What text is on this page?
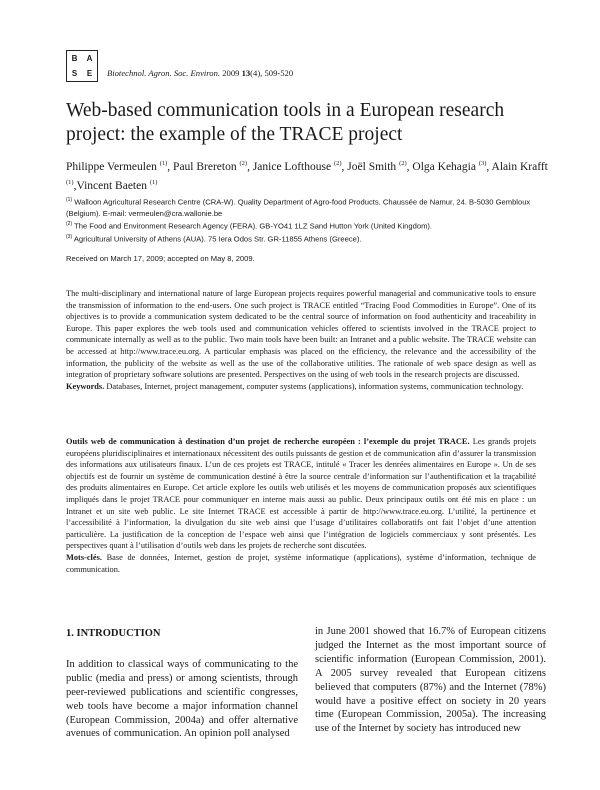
B	A
S	E	Biotechnol. Agron. Soc. Environ. 2009 13(4), 509-520
Web-based communication tools in a European research project: the example of the TRACE project
Philippe Vermeulen $^{(1)}$, Paul Brereton $^{(2)}$, Janice Lofthouse $^{(2)}$, Joël Smith $^{(2)}$, Olga Kehagia $^{(3)}$, Alain Krafft $^{(1)}$,Vincent Baeten $^{(1)}$
$^{(1)}$ Walloon Agricultural Research Centre (CRA-W). Quality Department of Agro-food Products. Chaussée de Namur, 24. B-5030 Gembloux (Belgium). E-mail: vermeulen@cra.wallonie.be
$^{(2)}$ The Food and Environment Research Agency (FERA). GB-YO41 1LZ Sand Hutton York (United Kingdom).
$^{(3)}$ Agricultural University of Athens (AUA). 75 Iera Odos Str. GR-11855 Athens (Greece).
Received on March 17, 2009; accepted on May 8, 2009.
The multi-disciplinary and international nature of large European projects requires powerful managerial and communicative tools to ensure the transmission of information to the end-users. One such project is TRACE entitled “Tracing Food Commodities in Europe”. One of its objectives is to provide a communication system dedicated to be the central source of information on food authenticity and traceability in Europe. This paper explores the web tools used and communication vehicles offered to scientists involved in the TRACE project to communicate internally as well as to the public. Two main tools have been built: an Intranet and a public website. The TRACE website can be accessed at http://www.trace.eu.org. A particular emphasis was placed on the efficiency, the relevance and the accessibility of the information, the publicity of the website as well as the use of the collaborative utilities. The rationale of web space design as well as integration of proprietary software solutions are presented. Perspectives on the using of web tools in the research projects are discussed.
Keywords. Databases, Internet, project management, computer systems (applications), information systems, communication technology.
Outils web de communication à destination d’un projet de recherche européen : l’exemple du projet TRACE. Les grands projets européens pluridisciplinaires et internationaux nécessitent des outils puissants de gestion et de communication afin d’assurer la transmission des informations aux utilisateurs finaux. L’un de ces projets est TRACE, intitulé « Tracer les denrées alimentaires en Europe ». Un de ses objectifs est de fournir un système de communication destiné à être la source centrale d’information sur l’authentification et la traçabilité des produits alimentaires en Europe. Cet article explore les outils web utilisés et les moyens de communication proposés aux scientifiques impliqués dans le projet TRACE pour communiquer en interne mais aussi au public. Deux principaux outils ont été mis en place : un Intranet et un site web public. Le site Internet TRACE est accessible à partir de http://www.trace.eu.org. L’utilité, la pertinence et l’accessibilité à l’information, la divulgation du site web ainsi que l’usage d’utilitaires collaboratifs ont fait l’objet d’une attention particulière. La justification de la conception de l’espace web ainsi que l’intégration de logiciels commerciaux y sont présentés. Les perspectives quant à l’utilisation d’outils web dans les projets de recherche sont discutées.
Mots-clés. Base de données, Internet, gestion de projet, système informatique (applications), système d’information, technique de communication.
1. INTRODUCTION

In addition to classical ways of communicating to the public (media and press) or among scientists, through peer-reviewed publications and scientific congresses, web tools have become a major information channel (European Commission, 2004a) and offer alternative avenues of communication. An opinion poll analysed

in June 2001 showed that 16.7% of European citizens judged the Internet as the most important source of scientific information (European Commission, 2001). A 2005 survey revealed that European citizens believed that computers (87%) and the Internet (78%) would have a positive effect on society in 20 years time (European Commission, 2005a). The increasing use of the Internet by society has introduced new
